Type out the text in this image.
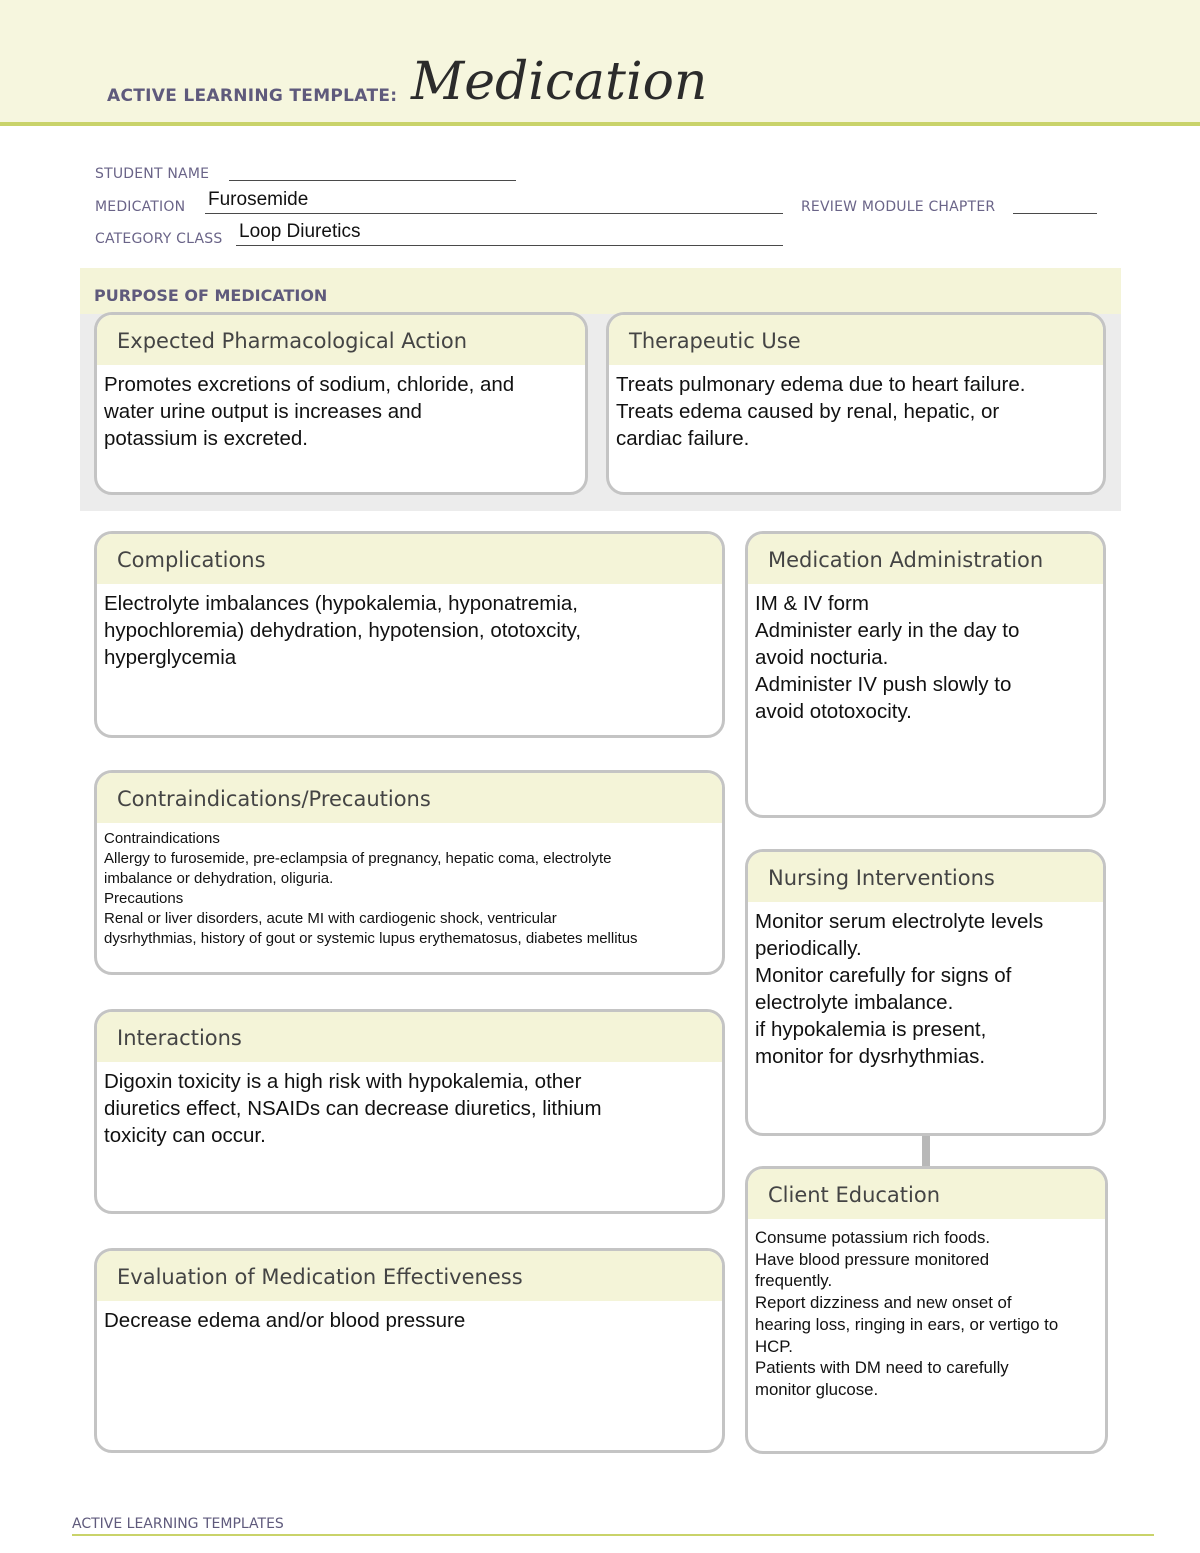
ACTIVE LEARNING TEMPLATE: Medication
STUDENT NAME
MEDICATION Furosemide	REVIEW MODULE CHAPTER
CATEGORY CLASS Loop Diuretics
PURPOSE OF MEDICATION
Expected Pharmacological Action
Promotes excretions of sodium, chloride, and
water urine output is increases and
potassium is excreted.
Therapeutic Use
Treats pulmonary edema due to heart failure.
Treats edema caused by renal, hepatic, or
cardiac failure.
Complications
Electrolyte imbalances (hypokalemia, hyponatremia,
hypochloremia) dehydration, hypotension, ototoxcity,
hyperglycemia
Contraindications/Precautions
Contraindications
Allergy to furosemide, pre-eclampsia of pregnancy, hepatic coma, electrolyte
imbalance or dehydration, oliguria.
Precautions
Renal or liver disorders, acute MI with cardiogenic shock, ventricular
dysrhythmias, history of gout or systemic lupus erythematosus, diabetes mellitus
Interactions
Digoxin toxicity is a high risk with hypokalemia, other
diuretics effect, NSAIDs can decrease diuretics, lithium
toxicity can occur.
Evaluation of Medication Effectiveness
Decrease edema and/or blood pressure
Medication Administration
IM & IV form
Administer early in the day to
avoid nocturia.
Administer IV push slowly to
avoid ototoxocity.
Nursing Interventions
Monitor serum electrolyte levels
periodically.
Monitor carefully for signs of
electrolyte imbalance.
if hypokalemia is present,
monitor for dysrhythmias.
Client Education
Consume potassium rich foods.
Have blood pressure monitored
frequently.
Report dizziness and new onset of
hearing loss, ringing in ears, or vertigo to
HCP.
Patients with DM need to carefully
monitor glucose.
ACTIVE LEARNING TEMPLATES
